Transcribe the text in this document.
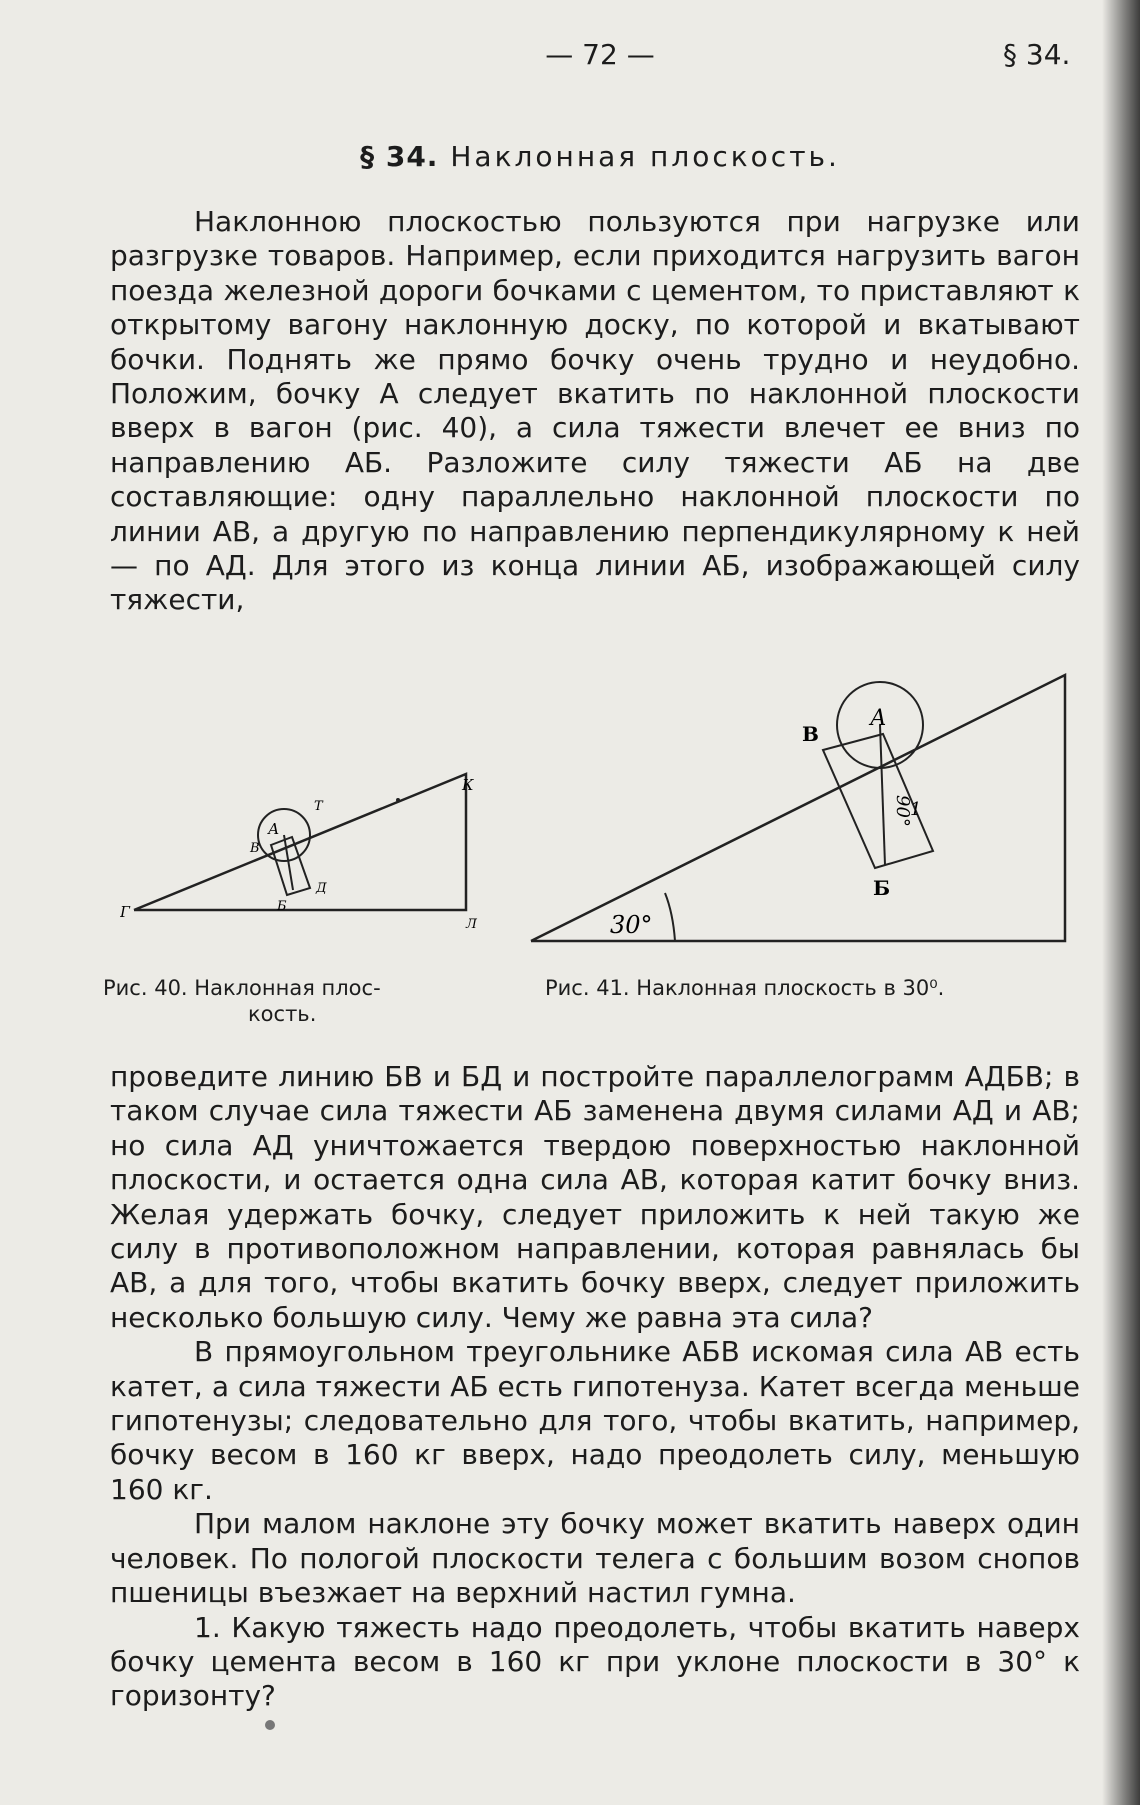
— 72 —	§ 34.
§ 34. Наклонная плоскость.

Наклонною плоскостью пользуются при нагрузке или разгрузке товаров. Например, если приходится нагрузить вагон поезда железной дороги бочками с цементом, то приставляют к открытому вагону наклонную доску, по которой и вкатывают бочки. Поднять же прямо бочку очень трудно и неудобно. Положим, бочку А следует вкатить по наклонной плоскости вверх в вагон (рис. 40), а сила тяжести влечет ее вниз по направлению АБ. Разложите силу тяжести АБ на две составляющие: одну параллельно наклонной плоскости по линии АВ, а другую по направлению перпендикулярному к ней — по АД. Для этого из конца линии АБ, изображающей силу тяжести,

А
Т
В
Д
Б
Г
Л
К
Рис. 40. Наклонная плос-
кость.
А
В
Б
90°
1
30°
Рис. 41. Наклонная плоскость в 30⁰.

проведите линию БВ и БД и постройте параллелограмм АДБВ; в таком случае сила тяжести АБ заменена двумя силами АД и АВ; но сила АД уничтожается твердою поверхностью наклонной плоскости, и остается одна сила АВ, которая катит бочку вниз. Желая удержать бочку, следует приложить к ней такую же силу в противоположном направлении, которая равнялась бы АВ, а для того, чтобы вкатить бочку вверх, следует приложить несколько большую силу. Чему же равна эта сила?

В прямоугольном треугольнике АБВ искомая сила АВ есть катет, а сила тяжести АБ есть гипотенуза. Катет всегда меньше гипотенузы; следовательно для того, чтобы вкатить, например, бочку весом в 160 кг вверх, надо преодолеть силу, меньшую 160 кг.

При малом наклоне эту бочку может вкатить наверх один человек. По пологой плоскости телега с большим возом снопов пшеницы въезжает на верхний настил гумна.

1. Какую тяжесть надо преодолеть, чтобы вкатить наверх бочку цемента весом в 160 кг при уклоне плоскости в 30° к горизонту?
